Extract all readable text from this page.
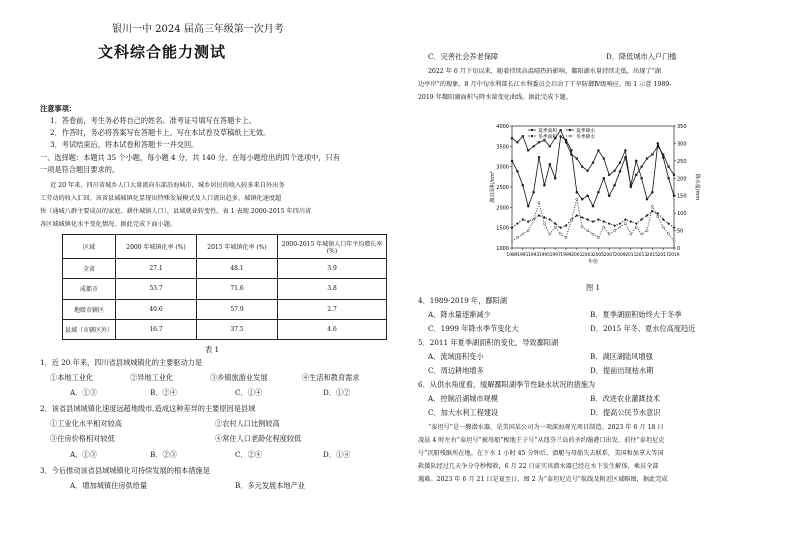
银川一中 2024 届高三年级第一次月考
文科综合能力测试
注意事项：
1．答卷前，考生务必将自己的姓名、准考证号填写在答题卡上。
2．作答时，务必将答案写在答题卡上。写在本试卷及草稿纸上无效。
3．考试结束后，将本试卷和答题卡一并交回。
一、选择题：本题共 35 个小题，每小题 4 分，共 140 分。在每小题给出的四个选项中，只有
一项是符合题目要求的。
近 20 年来，四川省城乡人口大量流向东部沿海城市，城乡居民的收入较多来自外出务
工劳动的收入汇回。该省县域城镇化显现出特殊发展模式及人口流出趋多，城镇化速度超
快（通城八群主要成员的家庭、耕住城镇人口），县域就业转变性。表 1 表现 2000-2015 年四川省
各区域城镇化水平变化情况。据此完成下面小题。
区域	2000 年城镇化率 (%)	2015 年城镇化率 (%)	2000-2015 年城镇人口年平均增长率 (%)
全省	27.1	48.1	3.9
成都市	53.7	71.6	3.8
地级市辖区	40.6	57.9	2.7
县域（市辖区外）	16.7	37.5	4.6
表 1
1．近 20 年来，四川省县域城镇化的主要驱动力是
①本地工业化	②异地工业化	③乡镇旅游业发展	④生活和教育需求
A．①③	B．②④	C．①④	D．①②
2．该省县域城镇化速度远超地级市,造成这种差异的主要原因是县域
①工业化水平相对较高	②农村人口比例较高
③住房价格相对较低	④常住人口老龄化程度较低
A．①③	B．②③	C．②④	D．①④
3．今后推动该省县域城镇化可持续发展的根本措施是
A．增加城镇住房供给量	B．多元发展本地产业
C．完善社会养老保障	D．降低城市入户门槛
2022 年 6 月下旬以来，随着持续高温晴热的影响，鄱阳湖水量持续走低，出现了“湖
边亭岸”的现象，8 月中旬水利部长江水利委员会启动了干旱防御Ⅳ级响应。图 1 示意 1989-
2019 年鄱阳湖面积与降水量变化曲线。据此完成下题。
1000
1500
2000
2500
3000
3500
4000
0
50
100
150
200
250
300
350
1989 1991 1993 1995 1997 1999 2001 2003 2005 2007 2009 2011 2013 2015 2017 2019
年份
湖泊面积/km²	降水量/mm
夏季面积	夏季降水
冬季面积	冬季降水
图 1
4．1989-2019 年，鄱阳湖
A．降水量逐渐减少	B．夏季湖面积始终大于冬季
C．1999 年降水季节变化大	D．2015 年冬、夏水位高度趋近
5．2011 年夏季湖面积的变化，导致鄱阳湖
A．流域面积变小	B．湖区湖陆风增强
C．周边耕地增多	D．提前出现枯水期
6．从供水角度看，缓解鄱阳湖季节性缺水状况的措施为
A．控制沿湖城市规模	B．改进农业灌溉技术
C．加大水利工程建设	D．提高公民节水意识
“泰坦号”是一艘潜水器，是美国某公司为一项深海观光项目制造。2023 年 6 月 18 日
凌晨 4 时左右“泰坦号”被母船“极地王子号”从纽芬兰岛的圣约翰港口出发，前往“泰坦尼克
号”沉船残骸所在地。在下水 1 小时 45 分钟后，潜艇与母船失去联系，美国和加拿大等国
救援队经过几天争分夺秒搜救，6 月 22 日证实该潜水器已经在水下发生解体，乘员全部
遇难。2023 年 6 月 21 日是夏至日，图 2 为“泰坦尼克号”航线及附近区域略图，据此完成
